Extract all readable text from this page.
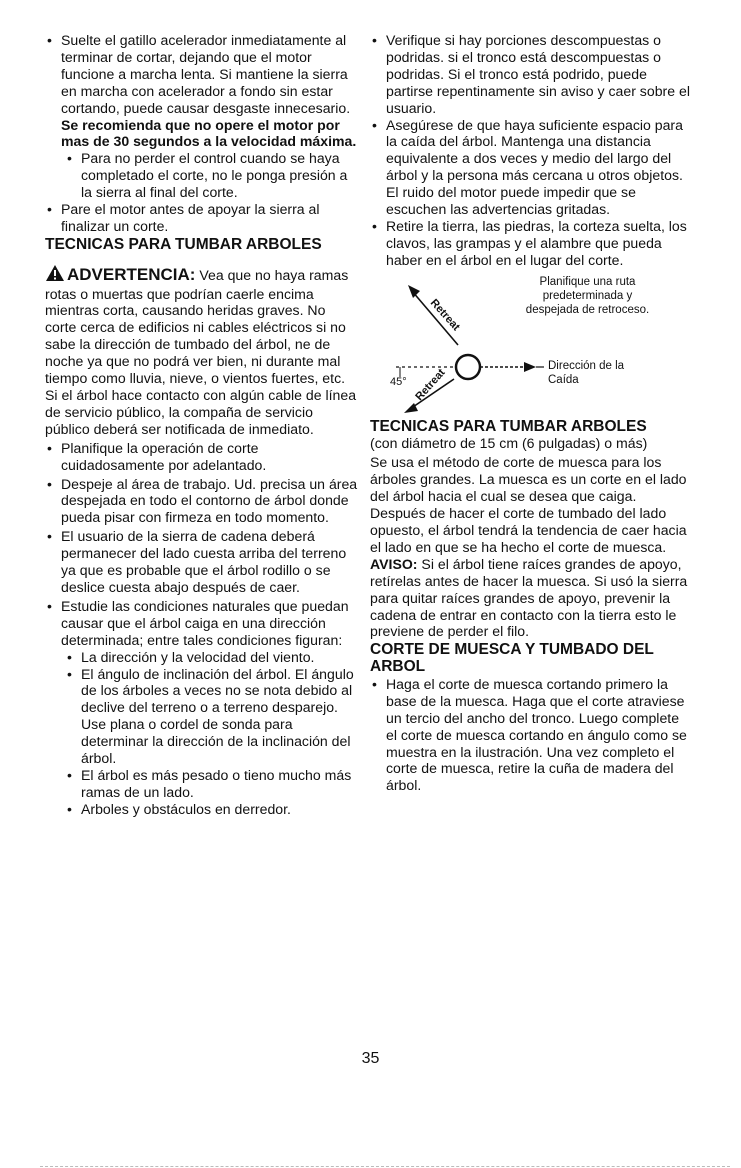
• Suelte el gatillo acelerador inmediatamente al terminar de cortar, dejando que el motor funcione a marcha lenta. Si mantiene la sierra en marcha con acelerador a fondo sin estar cortando, puede causar desgaste innecesario. Se recomienda que no opere el motor por mas de 30 segundos a la velocidad máxima.

• Para no perder el control cuando se haya completado el corte, no le ponga presión a la sierra al final del corte.

• Pare el motor antes de apoyar la sierra al finalizar un corte.

TECNICAS PARA TUMBAR ARBOLES

ADVERTENCIA: Vea que no haya ramas rotas o muertas que podrían caerle encima mientras corta, causando heridas graves. No corte cerca de edificios ni cables eléctricos si no sabe la dirección de tumbado del árbol, ne de noche ya que no podrá ver bien, ni durante mal tiempo como lluvia, nieve, o vientos fuertes, etc. Si el árbol hace contacto con algún cable de línea de servicio público, la compaña de servicio público deberá ser notificada de inmediato.

• Planifique la operación de corte cuidadosamente por adelantado.

• Despeje al área de trabajo. Ud. precisa un área despejada en todo el contorno de árbol donde pueda pisar con firmeza en todo momento.

• El usuario de la sierra de cadena deberá permanecer del lado cuesta arriba del terreno ya que es probable que el árbol rodillo o se deslice cuesta abajo después de caer.

• Estudie las condiciones naturales que puedan causar que el árbol caiga en una dirección determinada; entre tales condiciones figuran:

• La dirección y la velocidad del viento.

• El ángulo de inclinación del árbol. El ángulo de los árboles a veces no se nota debido al declive del terreno o a terreno desparejo. Use plana o cordel de sonda para determinar la dirección de la inclinación del árbol.

• El árbol es más pesado o tieno mucho más ramas de un lado.

• Arboles y obstáculos en derredor.

• Verifique si hay porciones descompuestas o podridas. si el tronco está descompuestas o podridas. Si el tronco está podrido, puede partirse repentinamente sin aviso y caer sobre el usuario.

• Asegúrese de que haya suficiente espacio para la caída del árbol. Mantenga una distancia equivalente a dos veces y medio del largo del árbol y la persona más cercana u otros objetos. El ruido del motor puede impedir que se escuchen las advertencias gritadas.

• Retire la tierra, las piedras, la corteza suelta, los clavos, las grampas y el alambre que pueda haber en el árbol en el lugar del corte.

Retreat
Retreat
45°
Planifique una ruta predeterminada y despejada de retroceso.
Dirección de la Caída
TECNICAS PARA TUMBAR ARBOLES

(con diámetro de 15 cm (6 pulgadas) o más)

Se usa el método de corte de muesca para los árboles grandes. La muesca es un corte en el lado del árbol hacia el cual se desea que caiga. Después de hacer el corte de tumbado del lado opuesto, el árbol tendrá la tendencia de caer hacia el lado en que se ha hecho el corte de muesca.

AVISO: Si el árbol tiene raíces grandes de apoyo, retírelas antes de hacer la muesca. Si usó la sierra para quitar raíces grandes de apoyo, prevenir la cadena de entrar en contacto con la tierra esto le previene de perder el filo.

CORTE DE MUESCA Y TUMBADO DEL ARBOL

• Haga el corte de muesca cortando primero la base de la muesca. Haga que el corte atraviese un tercio del ancho del tronco. Luego complete el corte de muesca cortando en ángulo como se muestra en la ilustración. Una vez completo el corte de muesca, retire la cuña de madera del árbol.

35
